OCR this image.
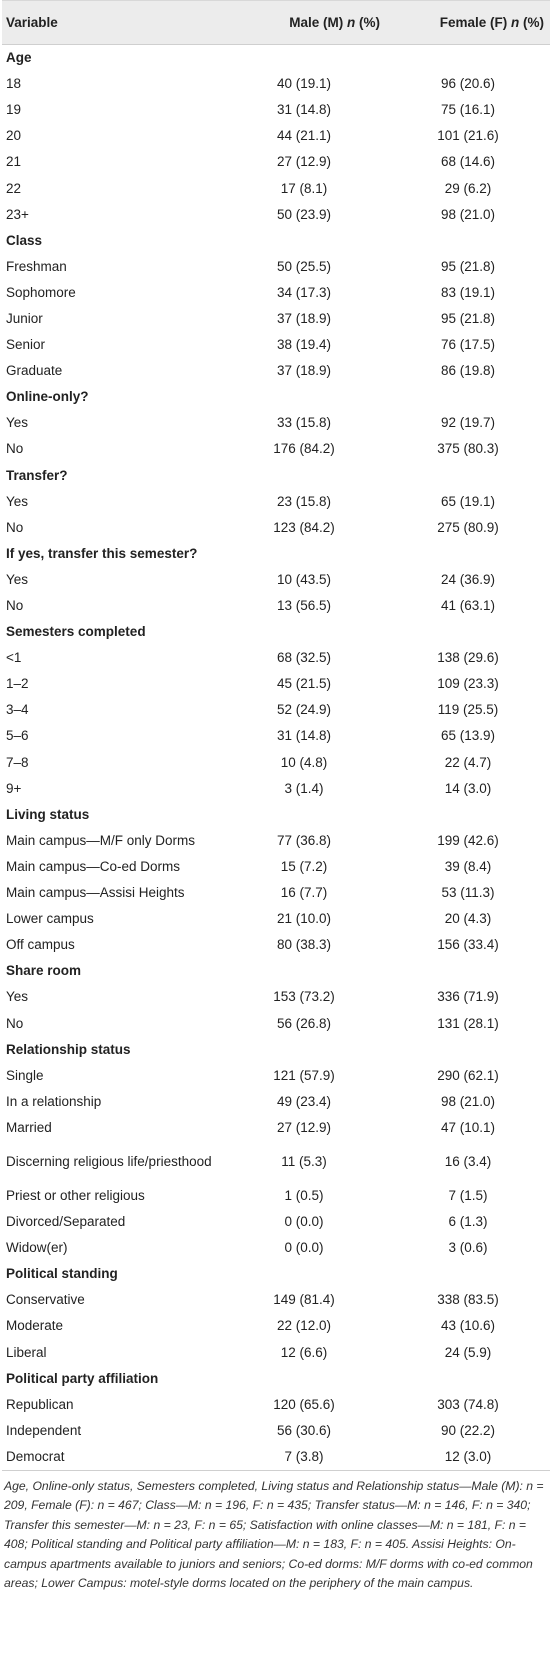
Variable	Male (M) n (%)	Female (F) n (%)
Age		
18	40 (19.1)	96 (20.6)
19	31 (14.8)	75 (16.1)
20	44 (21.1)	101 (21.6)
21	27 (12.9)	68 (14.6)
22	17 (8.1)	29 (6.2)
23+	50 (23.9)	98 (21.0)
Class		
Freshman	50 (25.5)	95 (21.8)
Sophomore	34 (17.3)	83 (19.1)
Junior	37 (18.9)	95 (21.8)
Senior	38 (19.4)	76 (17.5)
Graduate	37 (18.9)	86 (19.8)
Online-only?		
Yes	33 (15.8)	92 (19.7)
No	176 (84.2)	375 (80.3)
Transfer?		
Yes	23 (15.8)	65 (19.1)
No	123 (84.2)	275 (80.9)
If yes, transfer this semester?		
Yes	10 (43.5)	24 (36.9)
No	13 (56.5)	41 (63.1)
Semesters completed		
<1	68 (32.5)	138 (29.6)
1–2	45 (21.5)	109 (23.3)
3–4	52 (24.9)	119 (25.5)
5–6	31 (14.8)	65 (13.9)
7–8	10 (4.8)	22 (4.7)
9+	3 (1.4)	14 (3.0)
Living status		
Main campus—M/F only Dorms	77 (36.8)	199 (42.6)
Main campus—Co-ed Dorms	15 (7.2)	39 (8.4)
Main campus—Assisi Heights	16 (7.7)	53 (11.3)
Lower campus	21 (10.0)	20 (4.3)
Off campus	80 (38.3)	156 (33.4)
Share room		
Yes	153 (73.2)	336 (71.9)
No	56 (26.8)	131 (28.1)
Relationship status		
Single	121 (57.9)	290 (62.1)
In a relationship	49 (23.4)	98 (21.0)
Married	27 (12.9)	47 (10.1)
Discerning religious life/priesthood	11 (5.3)	16 (3.4)
Priest or other religious	1 (0.5)	7 (1.5)
Divorced/Separated	0 (0.0)	6 (1.3)
Widow(er)	0 (0.0)	3 (0.6)
Political standing		
Conservative	149 (81.4)	338 (83.5)
Moderate	22 (12.0)	43 (10.6)
Liberal	12 (6.6)	24 (5.9)
Political party affiliation		
Republican	120 (65.6)	303 (74.8)
Independent	56 (30.6)	90 (22.2)
Democrat	7 (3.8)	12 (3.0)
Age, Online-only status, Semesters completed, Living status and Relationship status—Male (M): n = 209, Female (F): n = 467; Class—M: n = 196, F: n = 435; Transfer status—M: n = 146, F: n = 340; Transfer this semester—M: n = 23, F: n = 65; Satisfaction with online classes—M: n = 181, F: n = 408; Political standing and Political party affiliation—M: n = 183, F: n = 405. Assisi Heights: On-campus apartments available to juniors and seniors; Co-ed dorms: M/F dorms with co-ed common areas; Lower Campus: motel-style dorms located on the periphery of the main campus.
